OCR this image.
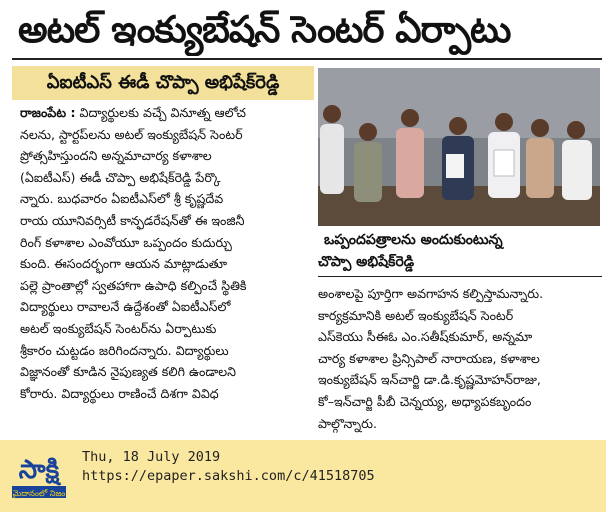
అటల్ ఇంక్యుబేషన్ సెంటర్ ఏర్పాటు
ఏఐటీఎస్ ఈడీ చొప్పా అభిషేక్‌రెడ్డి
రాజంపేట : విద్యార్థులకు వచ్చే వినూత్న ఆలోచ
నలను, స్టార్టప్‌లను అటల్ ఇంక్యుబేషన్ సెంటర్
ప్రోత్సహిస్తుందని అన్నమాచార్య కళాశాల
(ఏఐటీఎస్) ఈడీ చొప్పా అభిషేక్‌రెడ్డి పేర్కొ
న్నారు. బుధవారం ఏఐటీఎస్‌లో శ్రీ కృష్ణదేవ
రాయ యూనివర్సిటీ కాన్ఫడరేషన్‌తో ఈ ఇంజినీ
రింగ్ కళాశాల ఎంవోయూ ఒప్పందం కుదుర్చు
కుంది. ఈసందర్భంగా ఆయన మాట్లాడుతూ
పల్లె ప్రాంతాల్లో స్వతహాగా ఉపాధి కల్పించే స్థితికి
విద్యార్థులు రావాలనే ఉద్దేశంతో ఏఐటీఎస్‌లో
అటల్ ఇంక్యుబేషన్ సెంటర్‌ను ఏర్పాటుకు
శ్రీకారం చుట్టడం జరిగిందన్నారు. విద్యార్థులు
విజ్ఞానంతో కూడిన నైపుణ్యత కలిగి ఉండాలని
కోరారు. విద్యార్థులు రాణించే దిశగా వివిధ
ఒప్పందపత్రాలను అందుకుంటున్న
చొప్పా అభిషేక్‌రెడ్డి
అంశాలపై పూర్తిగా అవగాహన కల్పిస్తామన్నారు.
కార్యక్రమానికి అటల్ ఇంక్యుబేషన్ సెంటర్
ఎస్‌కెయు సీఈఓ ఎం.సతీష్‌కుమార్, అన్నమా
చార్య కళాశాల ప్రిన్సిపాల్ నారాయణ, కళాశాల
ఇంక్యుబేషన్ ఇన్‌చార్జి డా.డి.కృష్ణమోహన్‌రాజు,
కో–ఇన్‌చార్జి పీబీ చెన్నయ్య, అధ్యాపకబృందం
పాల్గొన్నారు.
సాక్షి
మైదానంలో నిజం
Thu, 18 July 2019
https://epaper.sakshi.com/c/41518705
